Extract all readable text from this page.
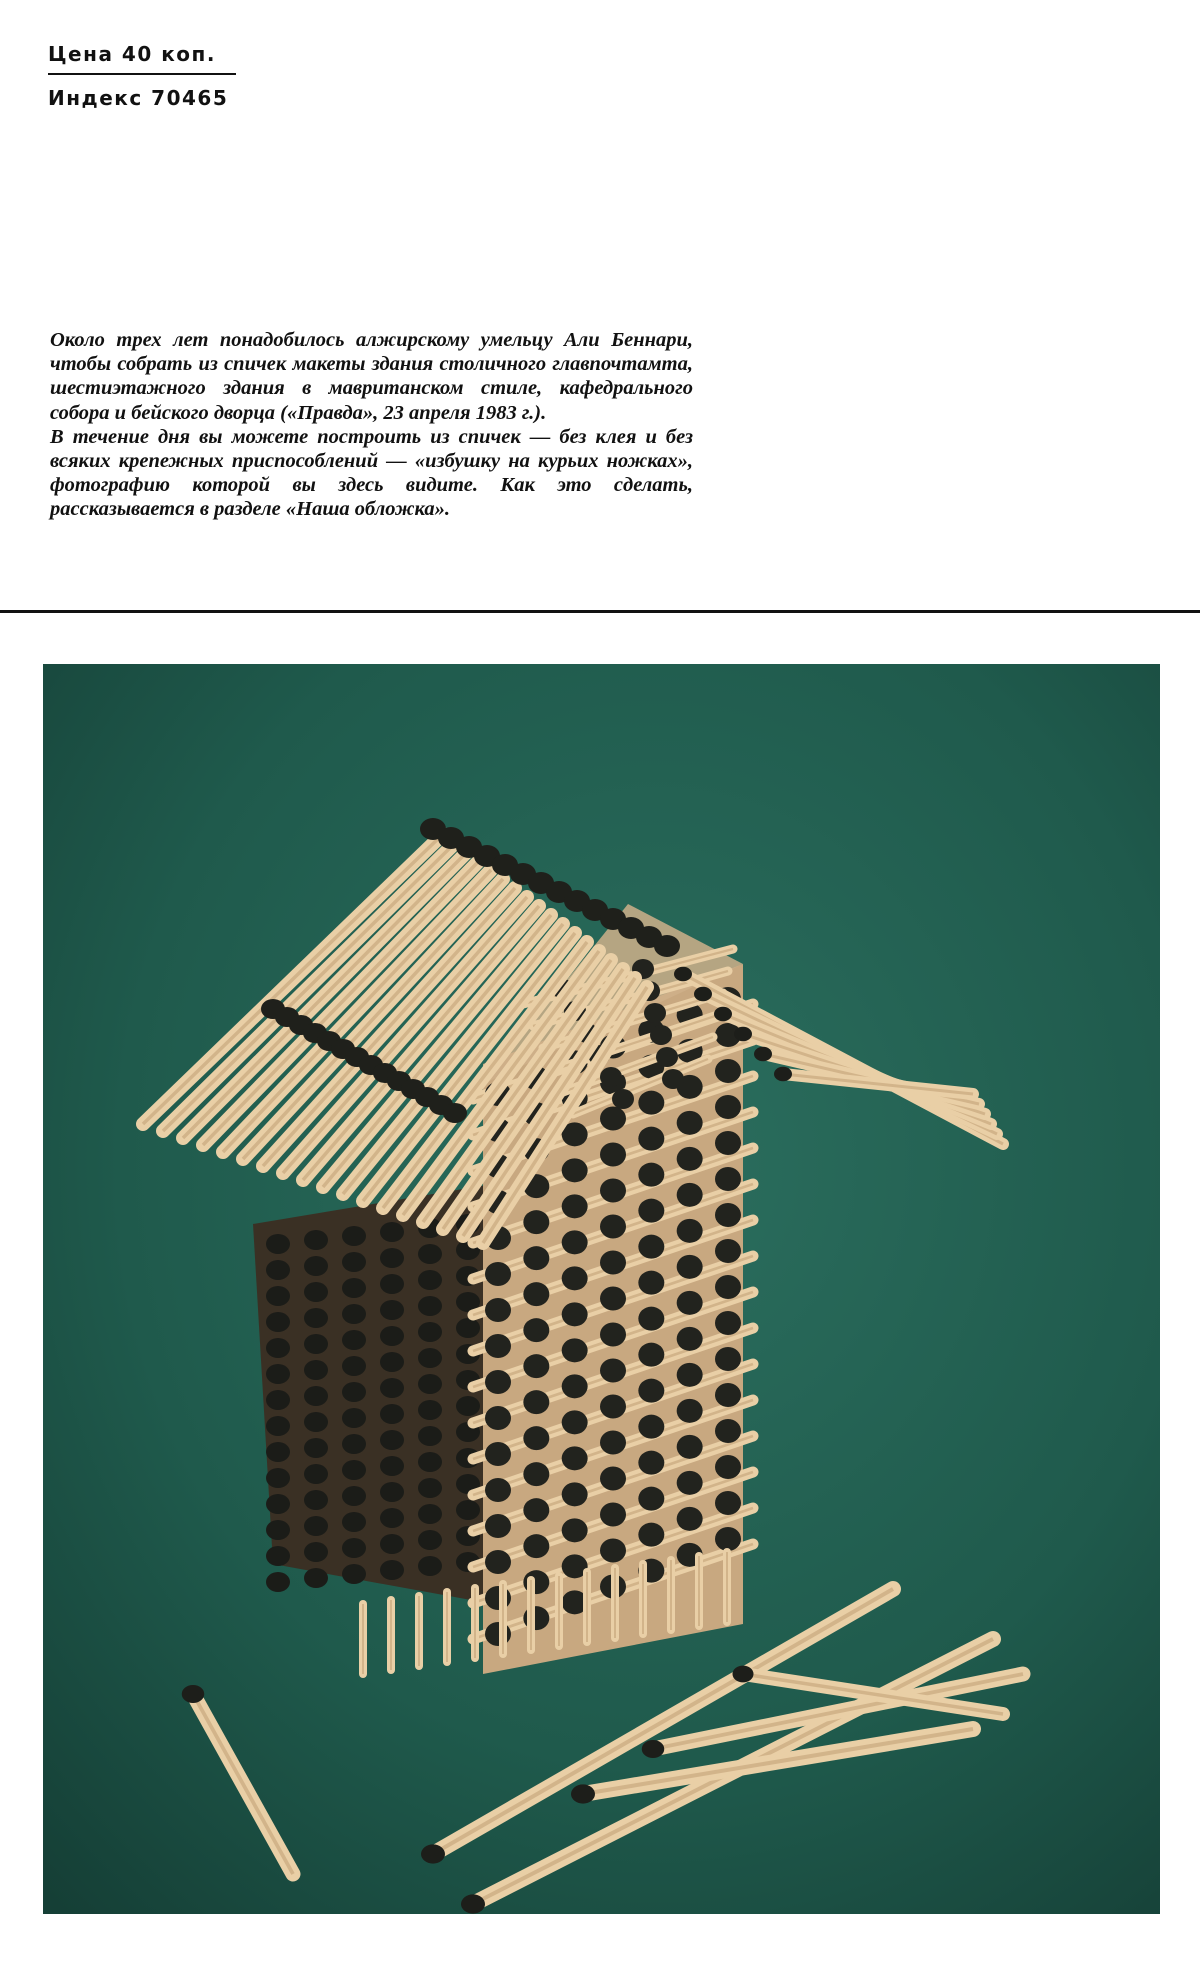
Цена 40 коп.
Индекс 70465

Около трех лет понадобилось алжирскому умельцу Али Беннари, чтобы собрать из спичек макеты здания столичного главпочтамта, шестиэтажного здания в мавританском стиле, кафедрального собора и бейского дворца («Правда», 23 апреля 1983 г.).

В течение дня вы можете построить из спичек — без клея и без всяких крепежных приспособлений — «избушку на курьих ножках», фотографию которой вы здесь видите. Как это сделать, рассказывается в разделе «Наша обложка».
